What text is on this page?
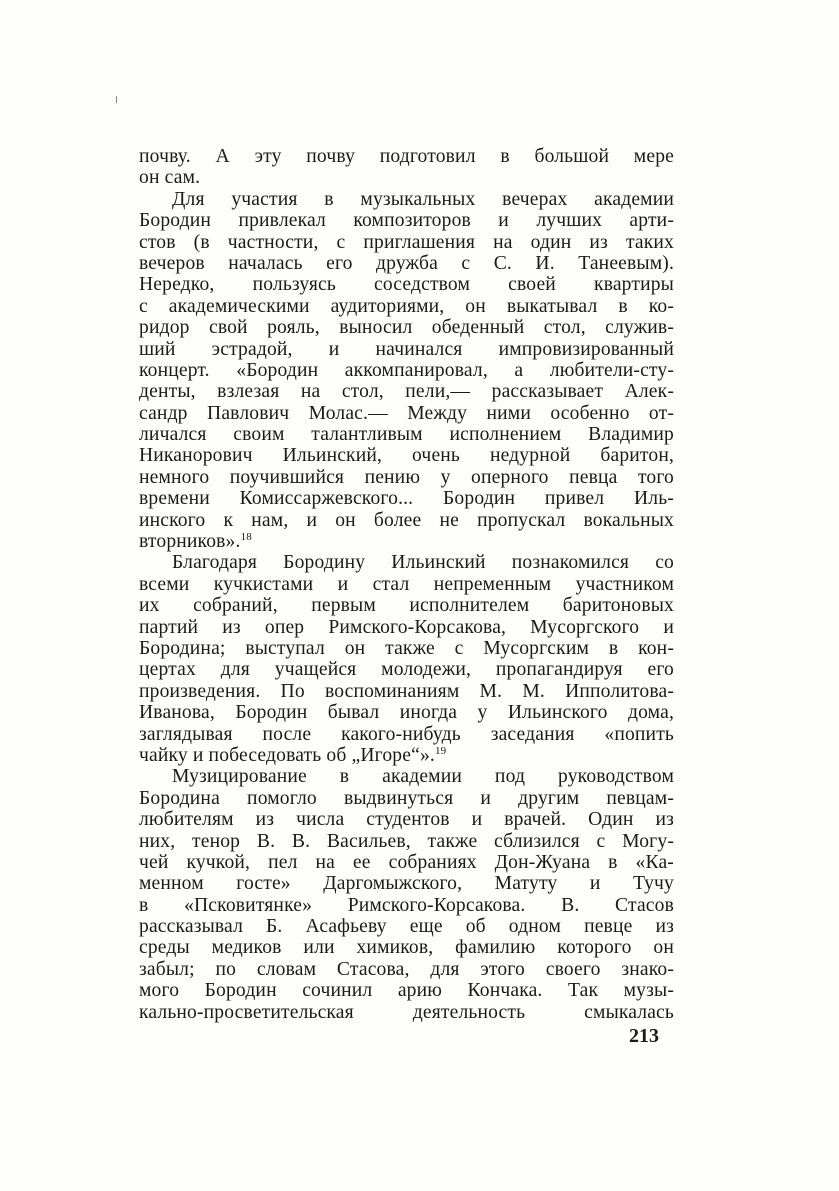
почву. А эту почву подготовил в большой мере
он сам.
Для участия в музыкальных вечерах академии
Бородин привлекал композиторов и лучших арти-
стов (в частности, с приглашения на один из таких
вечеров началась его дружба с С. И. Танеевым).
Нередко, пользуясь соседством своей квартиры
с академическими аудиториями, он выкатывал в ко-
ридор свой рояль, выносил обеденный стол, служив-
ший эстрадой, и начинался импровизированный
концерт. «Бородин аккомпанировал, а любители-сту-
денты, взлезая на стол, пели,— рассказывает Алек-
сандр Павлович Молас.— Между ними особенно от-
личался своим талантливым исполнением Владимир
Никанорович Ильинский, очень недурной баритон,
немного поучившийся пению у оперного певца того
времени Комиссаржевского... Бородин привел Иль-
инского к нам, и он более не пропускал вокальных
вторников».$^{18}$
Благодаря Бородину Ильинский познакомился со
всеми кучкистами и стал непременным участником
их собраний, первым исполнителем баритоновых
партий из опер Римского-Корсакова, Мусоргского и
Бородина; выступал он также с Мусоргским в кон-
цертах для учащейся молодежи, пропагандируя его
произведения. По воспоминаниям М. М. Ипполитова-
Иванова, Бородин бывал иногда у Ильинского дома,
заглядывая после какого-нибудь заседания «попить
чайку и побеседовать об „Игоре“».$^{19}$
Музицирование в академии под руководством
Бородина помогло выдвинуться и другим певцам-
любителям из числа студентов и врачей. Один из
них, тенор В. В. Васильев, также сблизился с Могу-
чей кучкой, пел на ее собраниях Дон-Жуана в «Ка-
менном госте» Даргомыжского, Матуту и Тучу
в «Псковитянке» Римского-Корсакова. В. Стасов
рассказывал Б. Асафьеву еще об одном певце из
среды медиков или химиков, фамилию которого он
забыл; по словам Стасова, для этого своего знако-
мого Бородин сочинил арию Кончака. Так музы-
кально-просветительская деятельность смыкалась
213
